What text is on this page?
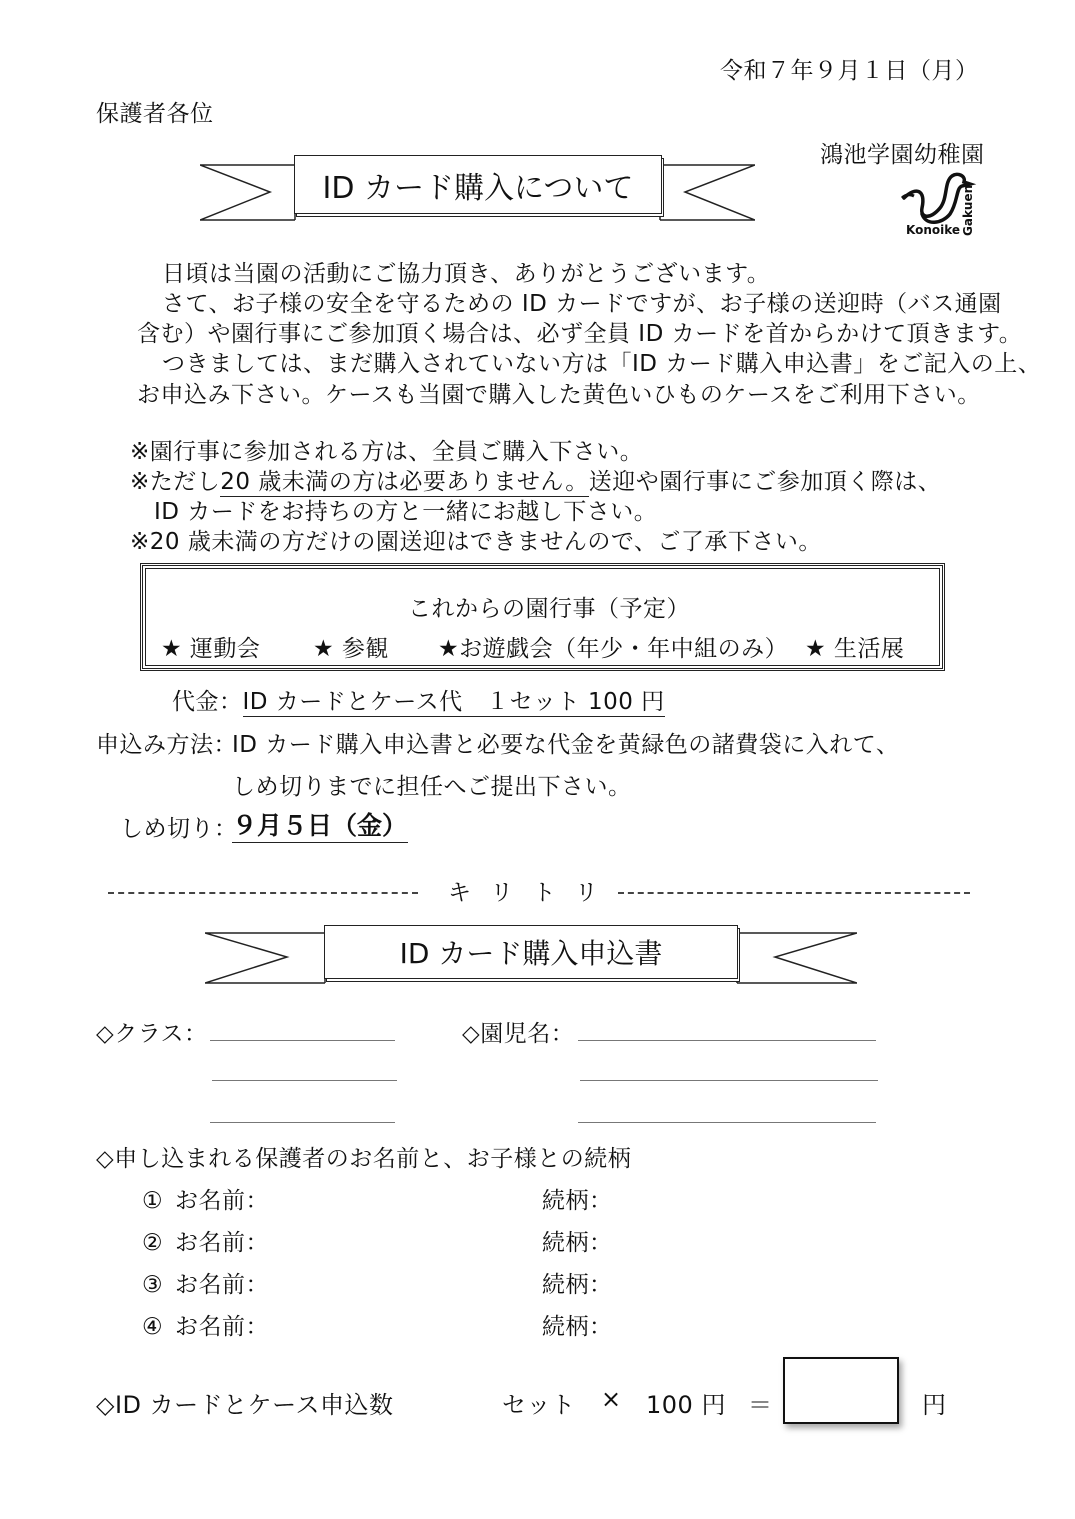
令和７年９月１日（月）
保護者各位
鴻池学園幼稚園
Konoike Gakuen
ID カード購入について
日頃は当園の活動にご協力頂き、ありがとうございます。
さて、お子様の安全を守るための ID カードですが、お子様の送迎時（バス通園
含む）や園行事にご参加頂く場合は、必ず全員 ID カードを首からかけて頂きます。
つきましては、まだ購入されていない方は「ID カード購入申込書」をご記入の上、
お申込み下さい。ケースも当園で購入した黄色いひものケースをご利用下さい。
※園行事に参加される方は、全員ご購入下さい。
※ただし20 歳未満の方は必要ありません。送迎や園行事にご参加頂く際は、
ID カードをお持ちの方と一緒にお越し下さい。
※20 歳未満の方だけの園送迎はできませんので、ご了承下さい。
これからの園行事（予定）
★ 運動会 ★ 参観 ★お遊戯会（年少・年中組のみ） ★ 生活展
代金：ID カードとケース代　１セット 100 円
申込み方法：
ID カード購入申込書と必要な代金を黄緑色の諸費袋に入れて、
しめ切りまでに担任へご提出下さい。
しめ切り：
９月５日（金）
キ リ ト リ
ID カード購入申込書
◇クラス：	◇園児名：
◇申し込まれる保護者のお名前と、お子様との続柄
① お名前：	続柄：
② お名前：	続柄：
③ お名前：	続柄：
④ お名前：	続柄：
◇ID カードとケース申込数	セット × 100 円 ＝	円
